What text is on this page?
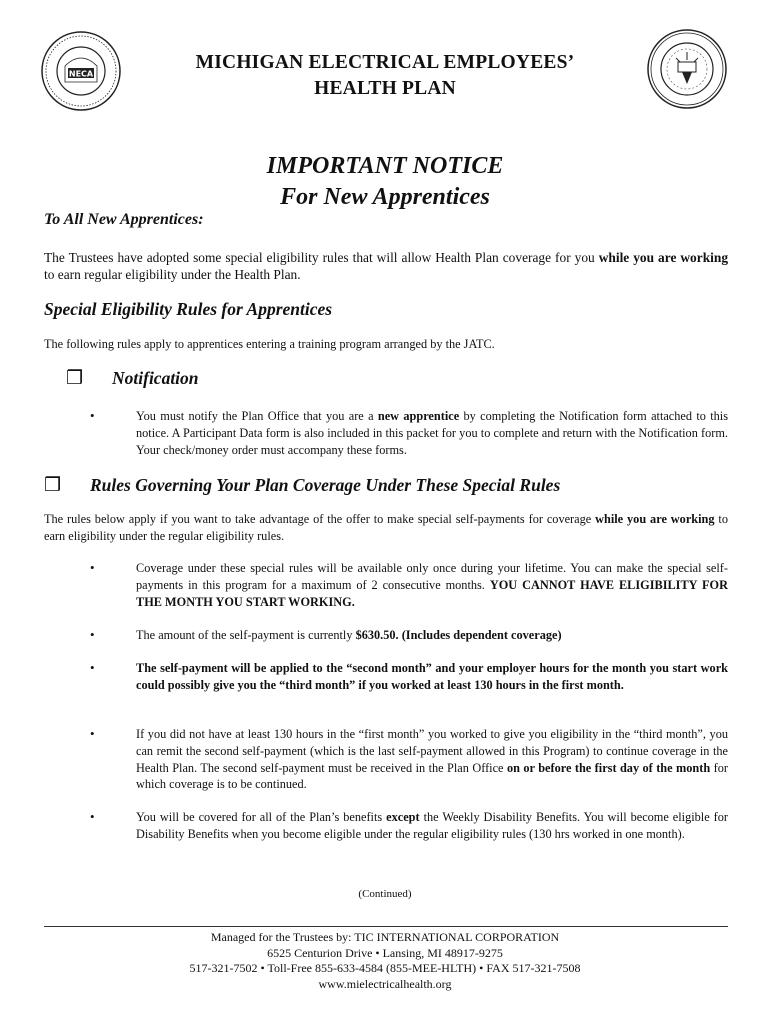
NECA
MICHIGAN ELECTRICAL EMPLOYEES’
HEALTH PLAN
IMPORTANT NOTICE
For New Apprentices
To All New Apprentices:
The Trustees have adopted some special eligibility rules that will allow Health Plan coverage for you while you are working to earn regular eligibility under the Health Plan.
Special Eligibility Rules for Apprentices
The following rules apply to apprentices entering a training program arranged by the JATC.
❒ Notification
•	You must notify the Plan Office that you are a new apprentice by completing the Notification form attached to this notice. A Participant Data form is also included in this packet for you to complete and return with the Notification form. Your check/money order must accompany these forms.
❒ Rules Governing Your Plan Coverage Under These Special Rules
The rules below apply if you want to take advantage of the offer to make special self-payments for coverage while you are working to earn eligibility under the regular eligibility rules.
•	Coverage under these special rules will be available only once during your lifetime. You can make the special self-payments in this program for a maximum of 2 consecutive months. YOU CANNOT HAVE ELIGIBILITY FOR THE MONTH YOU START WORKING.
•	The amount of the self-payment is currently $630.50. (Includes dependent coverage)
•	The self-payment will be applied to the “second month” and your employer hours for the month you start work could possibly give you the “third month” if you worked at least 130 hours in the first month.
•	If you did not have at least 130 hours in the “first month” you worked to give you eligibility in the “third month”, you can remit the second self-payment (which is the last self-payment allowed in this Program) to continue coverage in the Health Plan. The second self-payment must be received in the Plan Office on or before the first day of the month for which coverage is to be continued.
•	You will be covered for all of the Plan’s benefits except the Weekly Disability Benefits. You will become eligible for Disability Benefits when you become eligible under the regular eligibility rules (130 hrs worked in one month).
(Continued)
Managed for the Trustees by: TIC INTERNATIONAL CORPORATION
6525 Centurion Drive • Lansing, MI 48917-9275
517-321-7502 • Toll-Free 855-633-4584 (855-MEE-HLTH) • FAX 517-321-7508
www.mielectricalhealth.org
